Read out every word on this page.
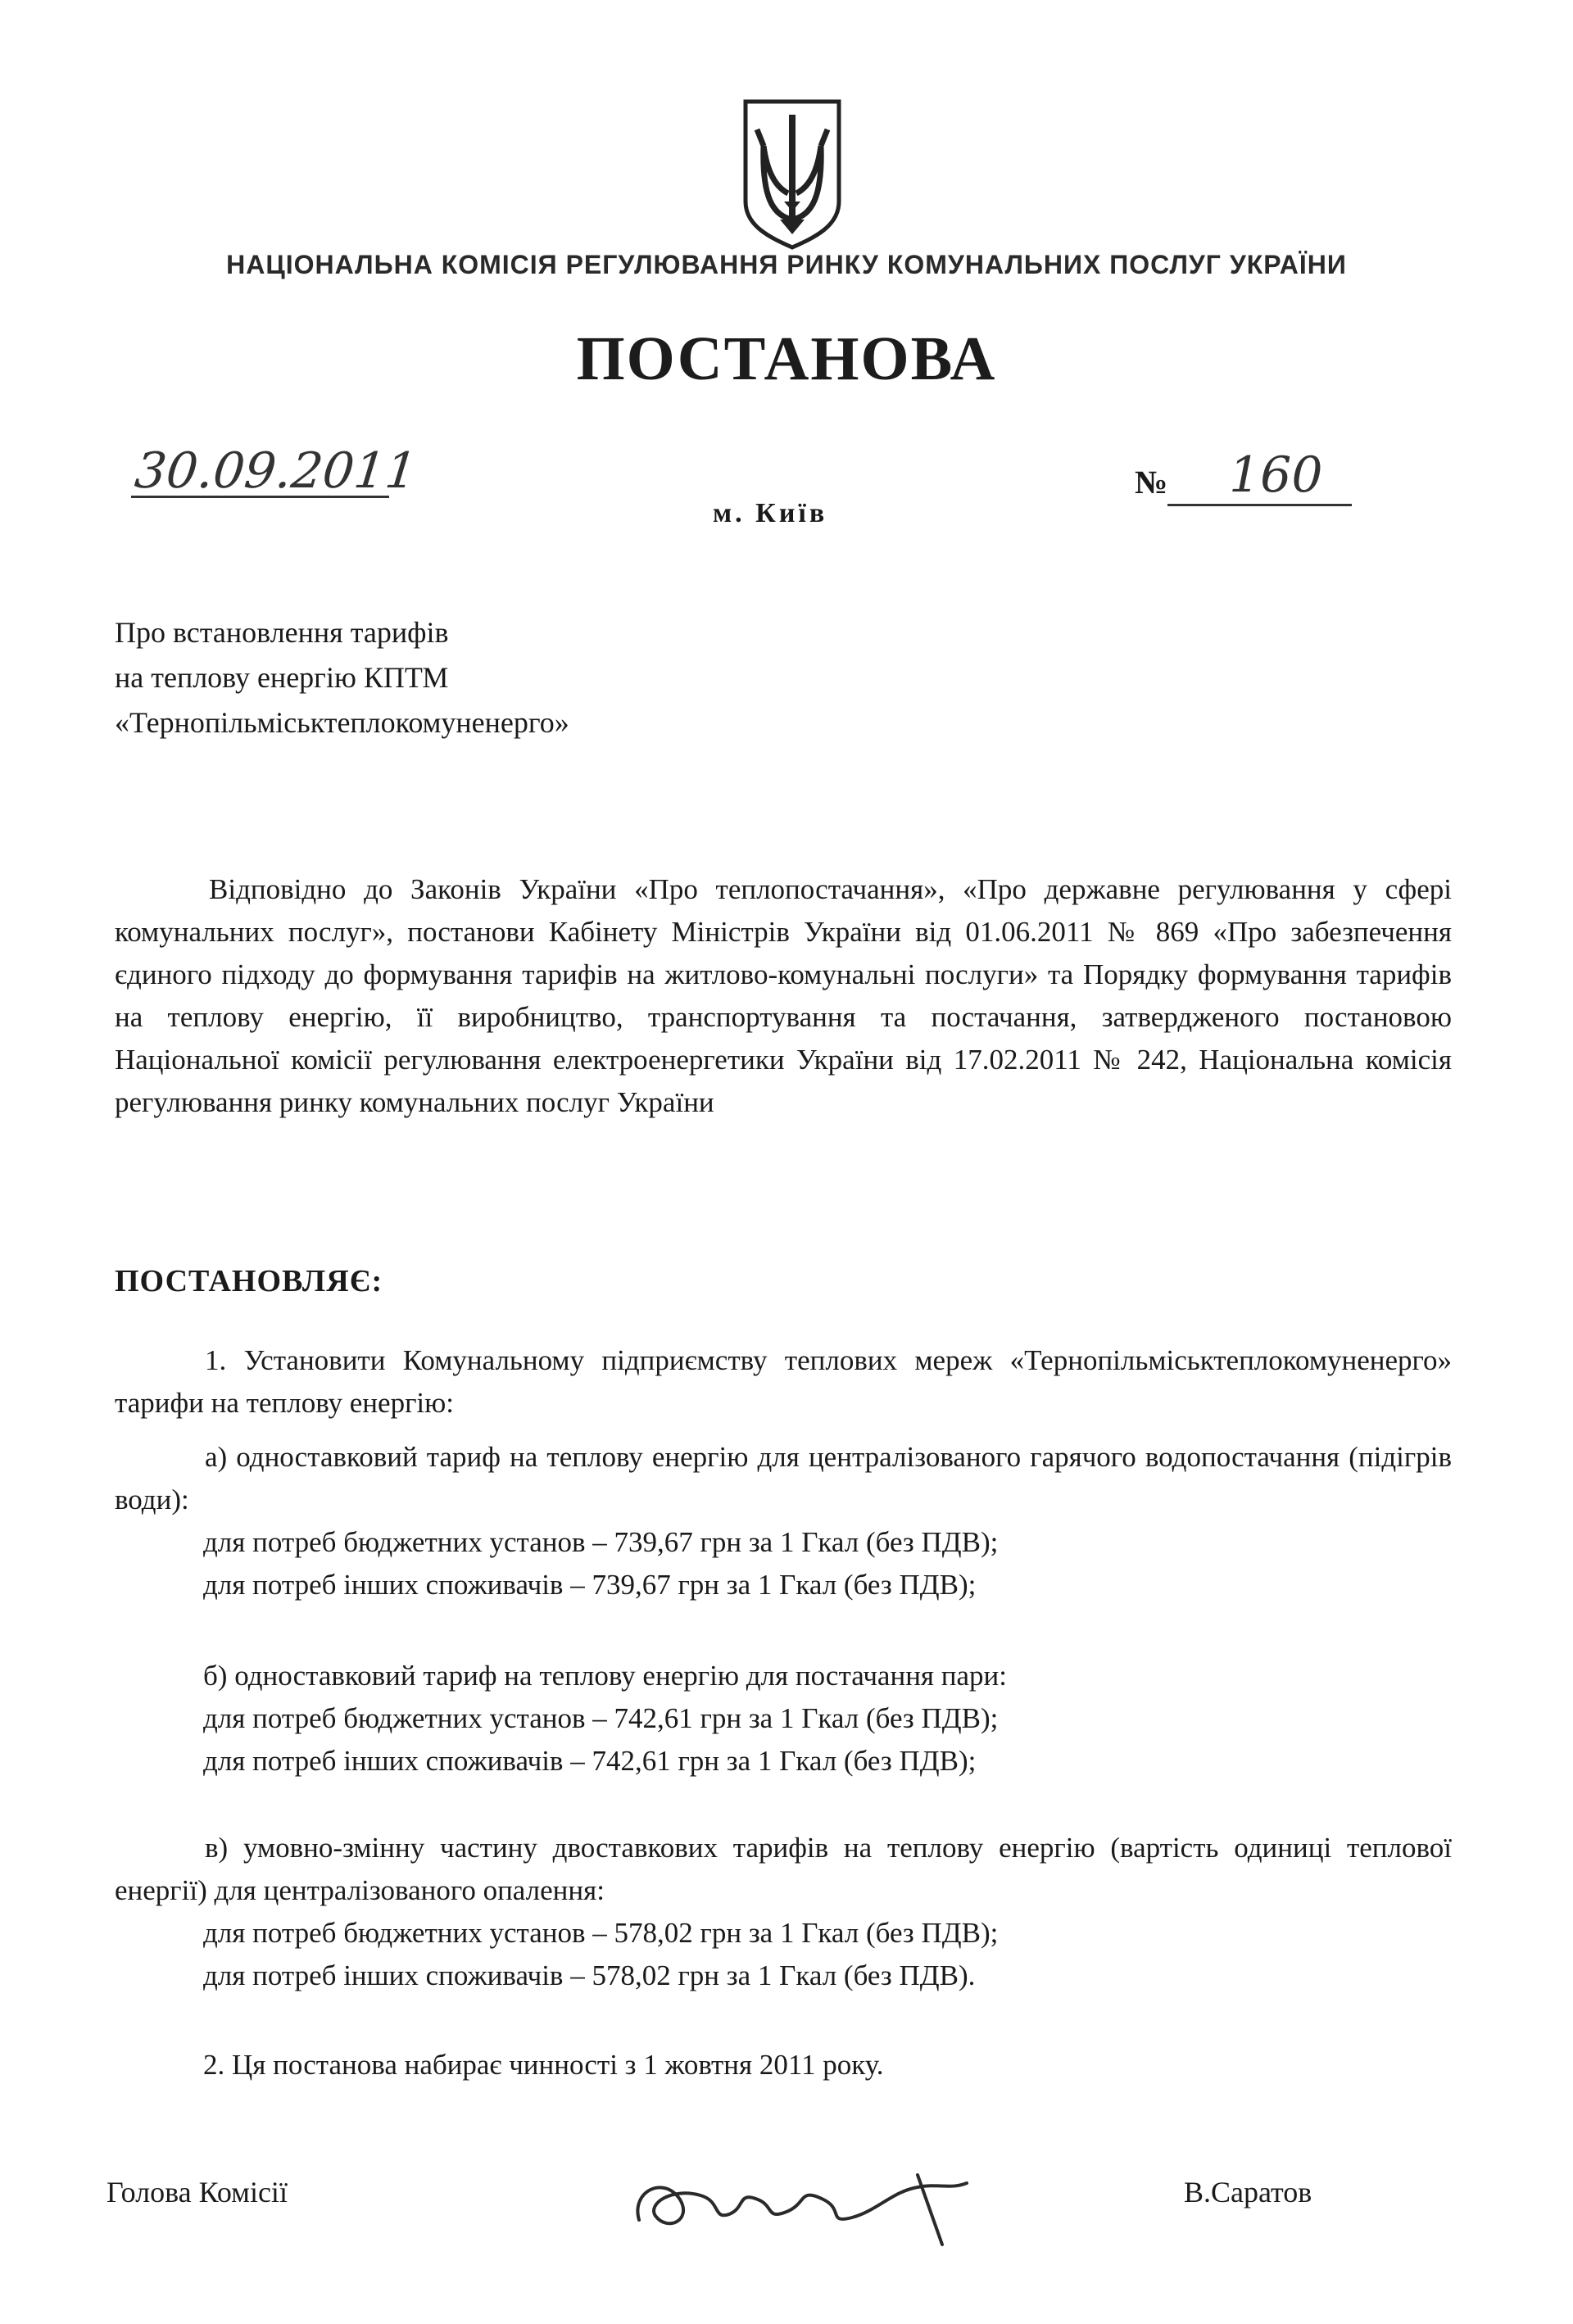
НАЦІОНАЛЬНА КОМІСІЯ РЕГУЛЮВАННЯ РИНКУ КОМУНАЛЬНИХ ПОСЛУГ УКРАЇНИ
ПОСТАНОВА
30.09.2011
м. Київ
№ 160
Про встановлення тарифів
на теплову енергію КПТМ
«Тернопільміськтеплокомуненерго»
Відповідно до Законів України «Про теплопостачання», «Про державне регулювання у сфері комунальних послуг», постанови Кабінету Міністрів України від 01.06.2011 № 869 «Про забезпечення єдиного підходу до формування тарифів на житлово-комунальні послуги» та Порядку формування тарифів на теплову енергію, її виробництво, транспортування та постачання, затвердженого постановою Національної комісії регулювання електроенергетики України від 17.02.2011 № 242, Національна комісія регулювання ринку комунальних послуг України
ПОСТАНОВЛЯЄ:
1. Установити Комунальному підприємству теплових мереж «Тернопільміськтеплокомуненерго» тарифи на теплову енергію:
а) одноставковий тариф на теплову енергію для централізованого гарячого водопостачання (підігрів води):
для потреб бюджетних установ – 739,67 грн за 1 Гкал (без ПДВ);
для потреб інших споживачів – 739,67 грн за 1 Гкал (без ПДВ);
б) одноставковий тариф на теплову енергію для постачання пари:
для потреб бюджетних установ – 742,61 грн за 1 Гкал (без ПДВ);
для потреб інших споживачів – 742,61 грн за 1 Гкал (без ПДВ);
в) умовно-змінну частину двоставкових тарифів на теплову енергію (вартість одиниці теплової енергії) для централізованого опалення:
для потреб бюджетних установ – 578,02 грн за 1 Гкал (без ПДВ);
для потреб інших споживачів – 578,02 грн за 1 Гкал (без ПДВ).
2. Ця постанова набирає чинності з 1 жовтня 2011 року.
Голова Комісії	В.Саратов
